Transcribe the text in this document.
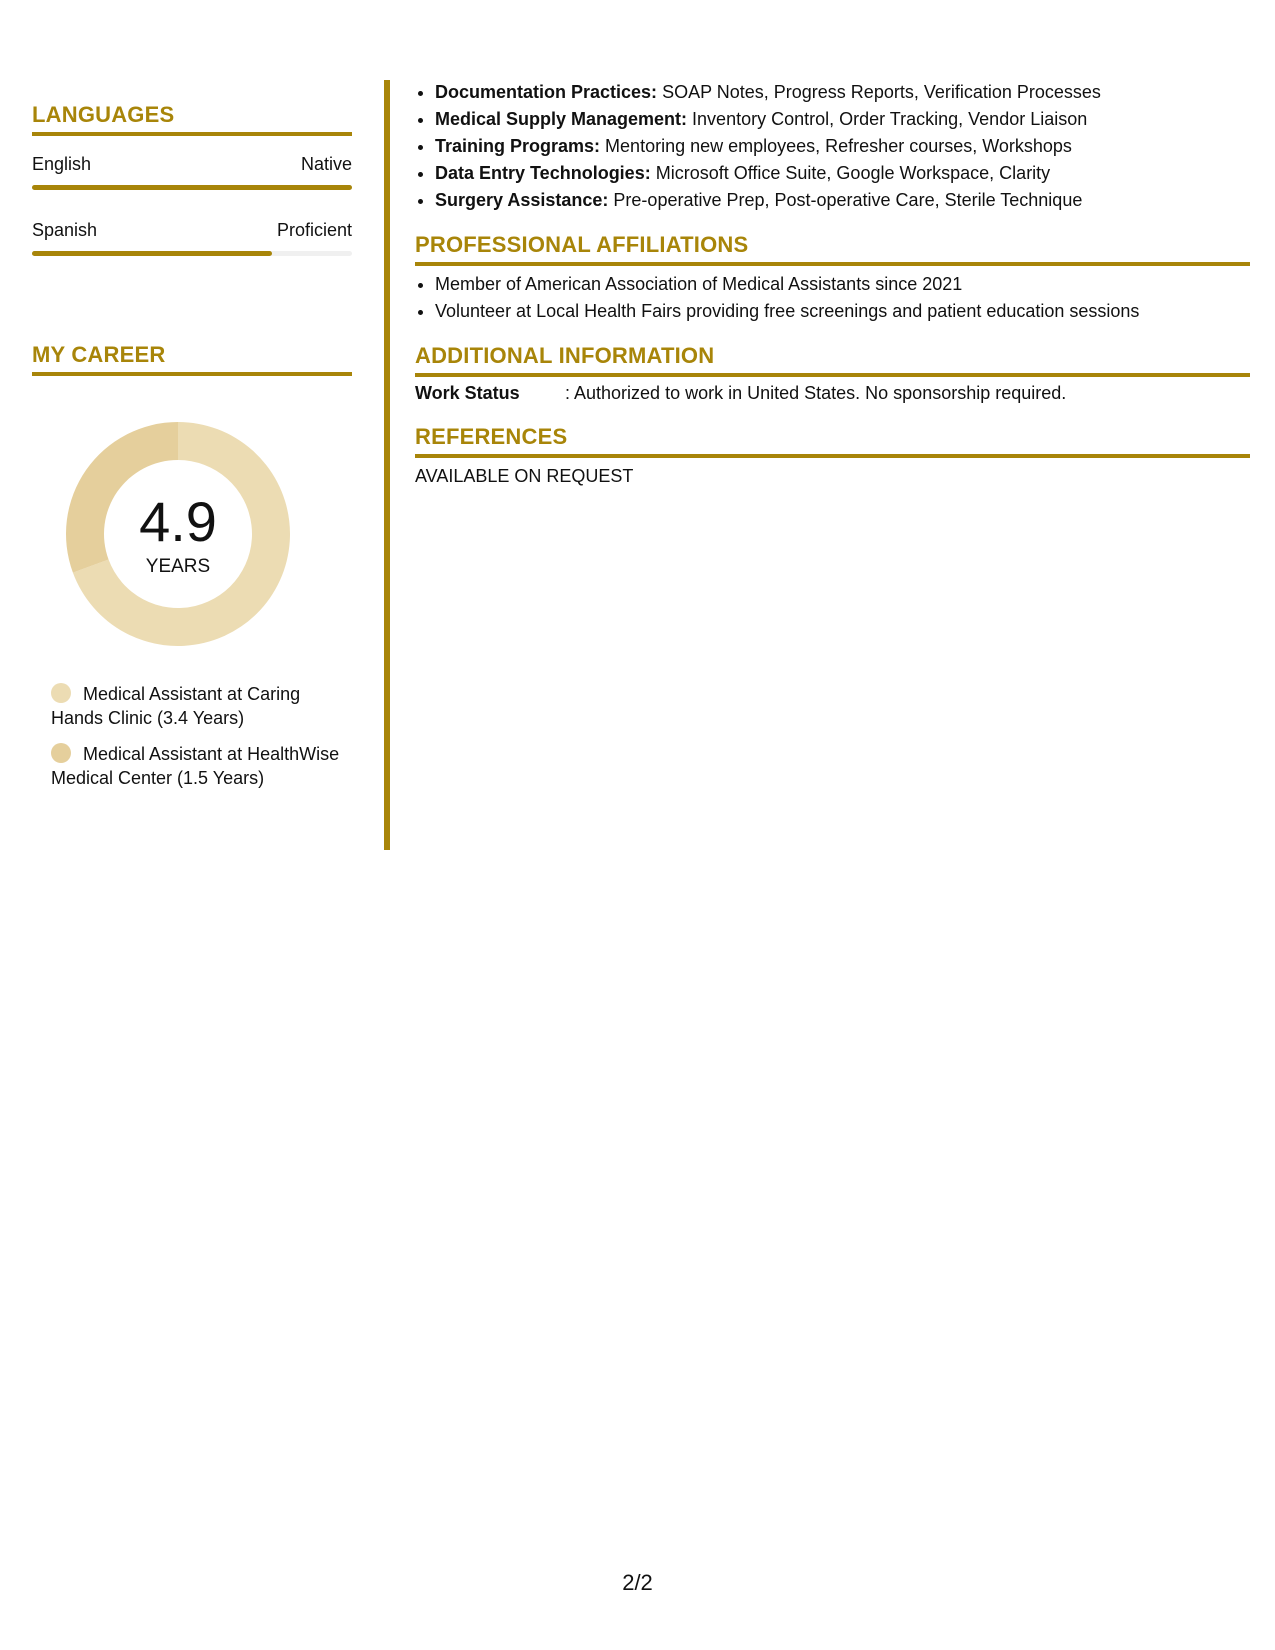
LANGUAGES
English	Native
Spanish	Proficient
MY CAREER
4.9
YEARS
Medical Assistant at Caring Hands Clinic (3.4 Years)
Medical Assistant at HealthWise Medical Center (1.5 Years)
• Documentation Practices: SOAP Notes, Progress Reports, Verification Processes
• Medical Supply Management: Inventory Control, Order Tracking, Vendor Liaison
• Training Programs: Mentoring new employees, Refresher courses, Workshops
• Data Entry Technologies: Microsoft Office Suite, Google Workspace, Clarity
• Surgery Assistance: Pre-operative Prep, Post-operative Care, Sterile Technique
PROFESSIONAL AFFILIATIONS
• Member of American Association of Medical Assistants since 2021
• Volunteer at Local Health Fairs providing free screenings and patient education sessions
ADDITIONAL INFORMATION
Work Status	: Authorized to work in United States. No sponsorship required.
REFERENCES
AVAILABLE ON REQUEST
2/2
